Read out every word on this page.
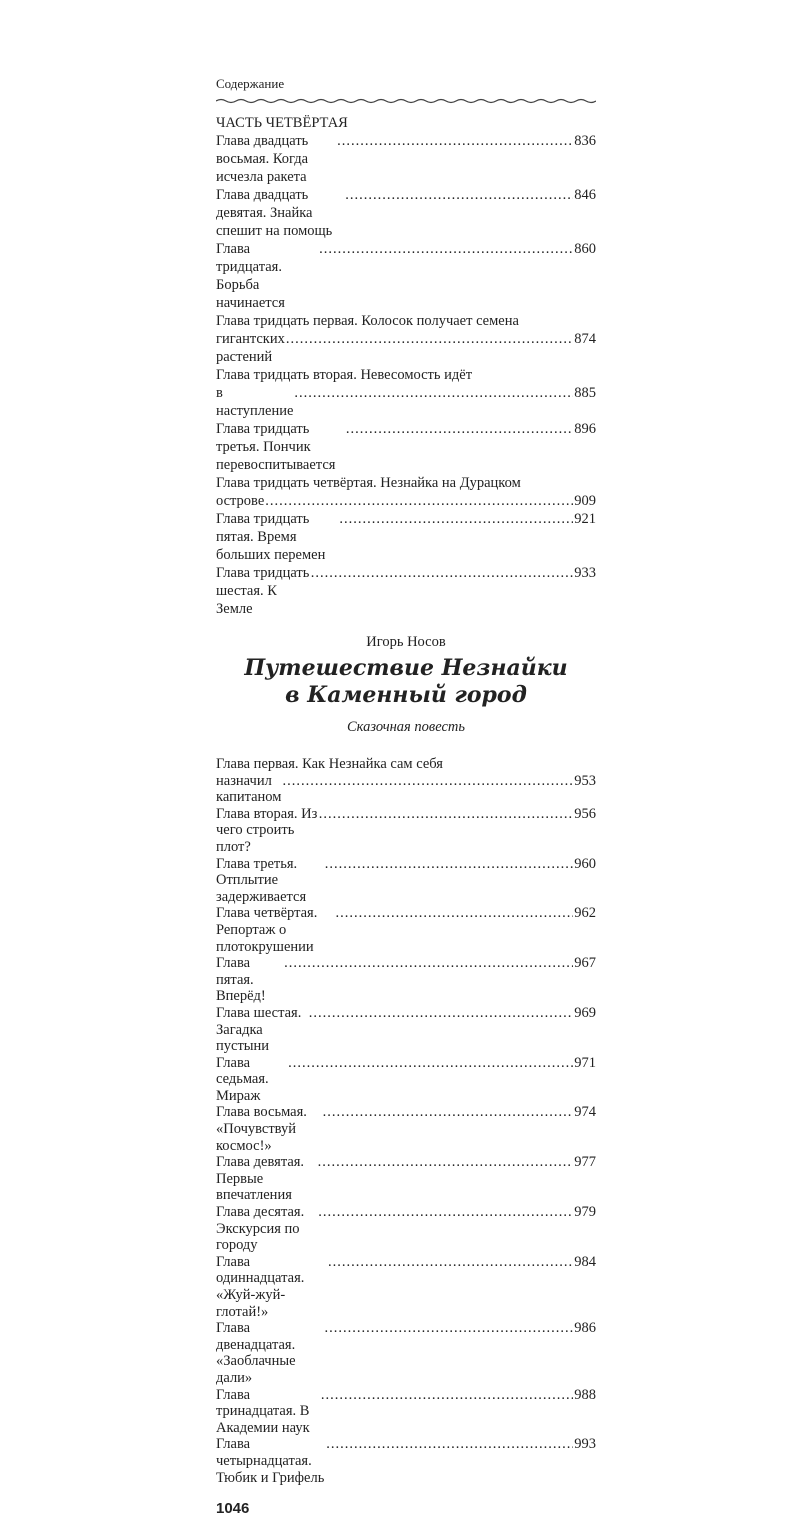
Содержание
ЧАСТЬ ЧЕТВЁРТАЯ
Глава двадцать восьмая. Когда исчезла ракета
.....
836
Глава двадцать девятая. Знайка спешит на помощь
.....
846
Глава тридцатая. Борьба начинается
.....
860
Глава тридцать первая. Колосок получает семена
гигантских растений
.....
874
Глава тридцать вторая. Невесомость идёт
в наступление
.....
885
Глава тридцать третья. Пончик перевоспитывается
.....
896
Глава тридцать четвёртая. Незнайка на Дурацком
острове .....	909
Глава тридцать пятая. Время больших перемен
.....
921
Глава тридцать шестая. К Земле
.....
933
Игорь Носов
Путешествие Незнайки
в Каменный город
Сказочная повесть
Глава первая. Как Незнайка сам себя
назначил капитаном
.....
953
Глава вторая. Из чего строить плот?
.....
956
Глава третья. Отплытие задерживается
.....
960
Глава четвёртая. Репортаж о плотокрушении
.....
962
Глава пятая. Вперёд!
.....
967
Глава шестая. Загадка пустыни
.....
969
Глава седьмая. Мираж
.....
971
Глава восьмая. «Почувствуй космос!»
.....
974
Глава девятая. Первые впечатления
.....
977
Глава десятая. Экскурсия по городу
.....
979
Глава одиннадцатая. «Жуй-жуй-глотай!»
.....
984
Глава двенадцатая. «Заоблачные дали»
.....
986
Глава тринадцатая. В Академии наук
.....
988
Глава четырнадцатая. Тюбик и Грифель
.....
993
1046
